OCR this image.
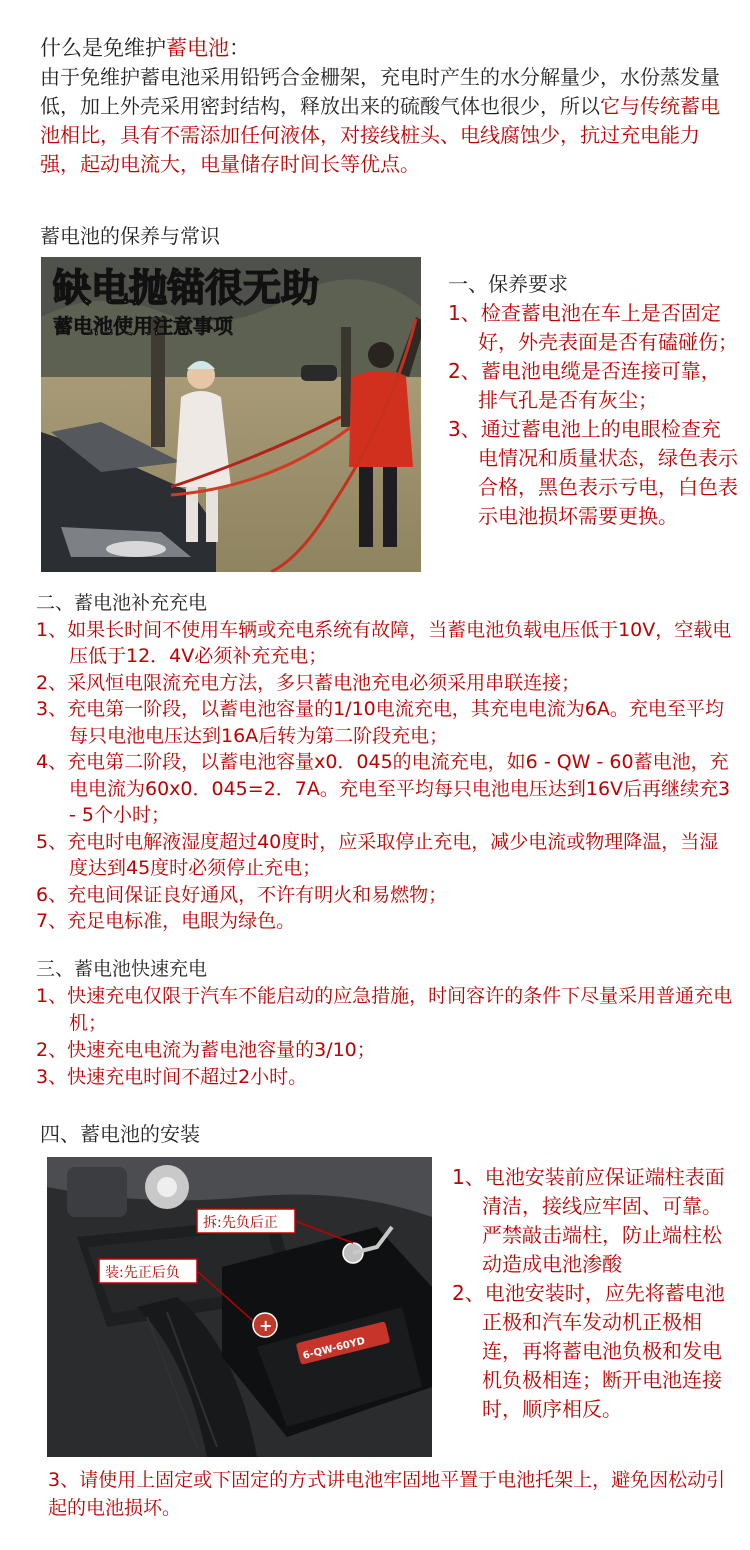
什么是免维护蓄电池：
由于免维护蓄电池采用铅钙合金栅架，充电时产生的水分解量少，水份蒸发量低，加上外壳采用密封结构，释放出来的硫酸气体也很少，所以它与传统蓄电池相比，具有不需添加任何液体，对接线桩头、电线腐蚀少，抗过充电能力强，起动电流大，电量储存时间长等优点。
蓄电池的保养与常识
缺电抛锚很无助
蓄电池使用注意事项
一、保养要求
1、检查蓄电池在车上是否固定好，外壳表面是否有磕碰伤；
2、蓄电池电缆是否连接可靠，排气孔是否有灰尘；
3、通过蓄电池上的电眼检查充电情况和质量状态，绿色表示合格，黑色表示亏电，白色表示电池损坏需要更换。
二、蓄电池补充充电
1、如果长时间不使用车辆或充电系统有故障，当蓄电池负载电压低于10V，空载电压低于12．4V必须补充充电；
2、采风恒电限流充电方法，多只蓄电池充电必须采用串联连接；
3、充电第一阶段，以蓄电池容量的1/10电流充电，其充电电流为6A。充电至平均每只电池电压达到16A后转为第二阶段充电；
4、充电第二阶段，以蓄电池容量x0．045的电流充电，如6 - QW - 60蓄电池，充电电流为60x0．045=2．7A。充电至平均每只电池电压达到16V后再继续充3 - 5个小时；
5、充电时电解液湿度超过40度时，应采取停止充电，减少电流或物理降温，当湿度达到45度时必须停止充电；
6、充电间保证良好通风，不许有明火和易燃物；
7、充足电标准，电眼为绿色。
三、蓄电池快速充电
1、快速充电仅限于汽车不能启动的应急措施，时间容许的条件下尽量采用普通充电机；
2、快速充电电流为蓄电池容量的3/10；
3、快速充电时间不超过2小时。
四、蓄电池的安装
6-QW-60YD
+
拆:先负后正
装:先正后负
1、电池安装前应保证端柱表面清洁，接线应牢固、可靠。严禁敲击端柱，防止端柱松动造成电池渗酸
2、电池安装时，应先将蓄电池正极和汽车发动机正极相连，再将蓄电池负极和发电机负极相连；断开电池连接时，顺序相反。
3、请使用上固定或下固定的方式讲电池牢固地平置于电池托架上，避免因松动引起的电池损坏。
